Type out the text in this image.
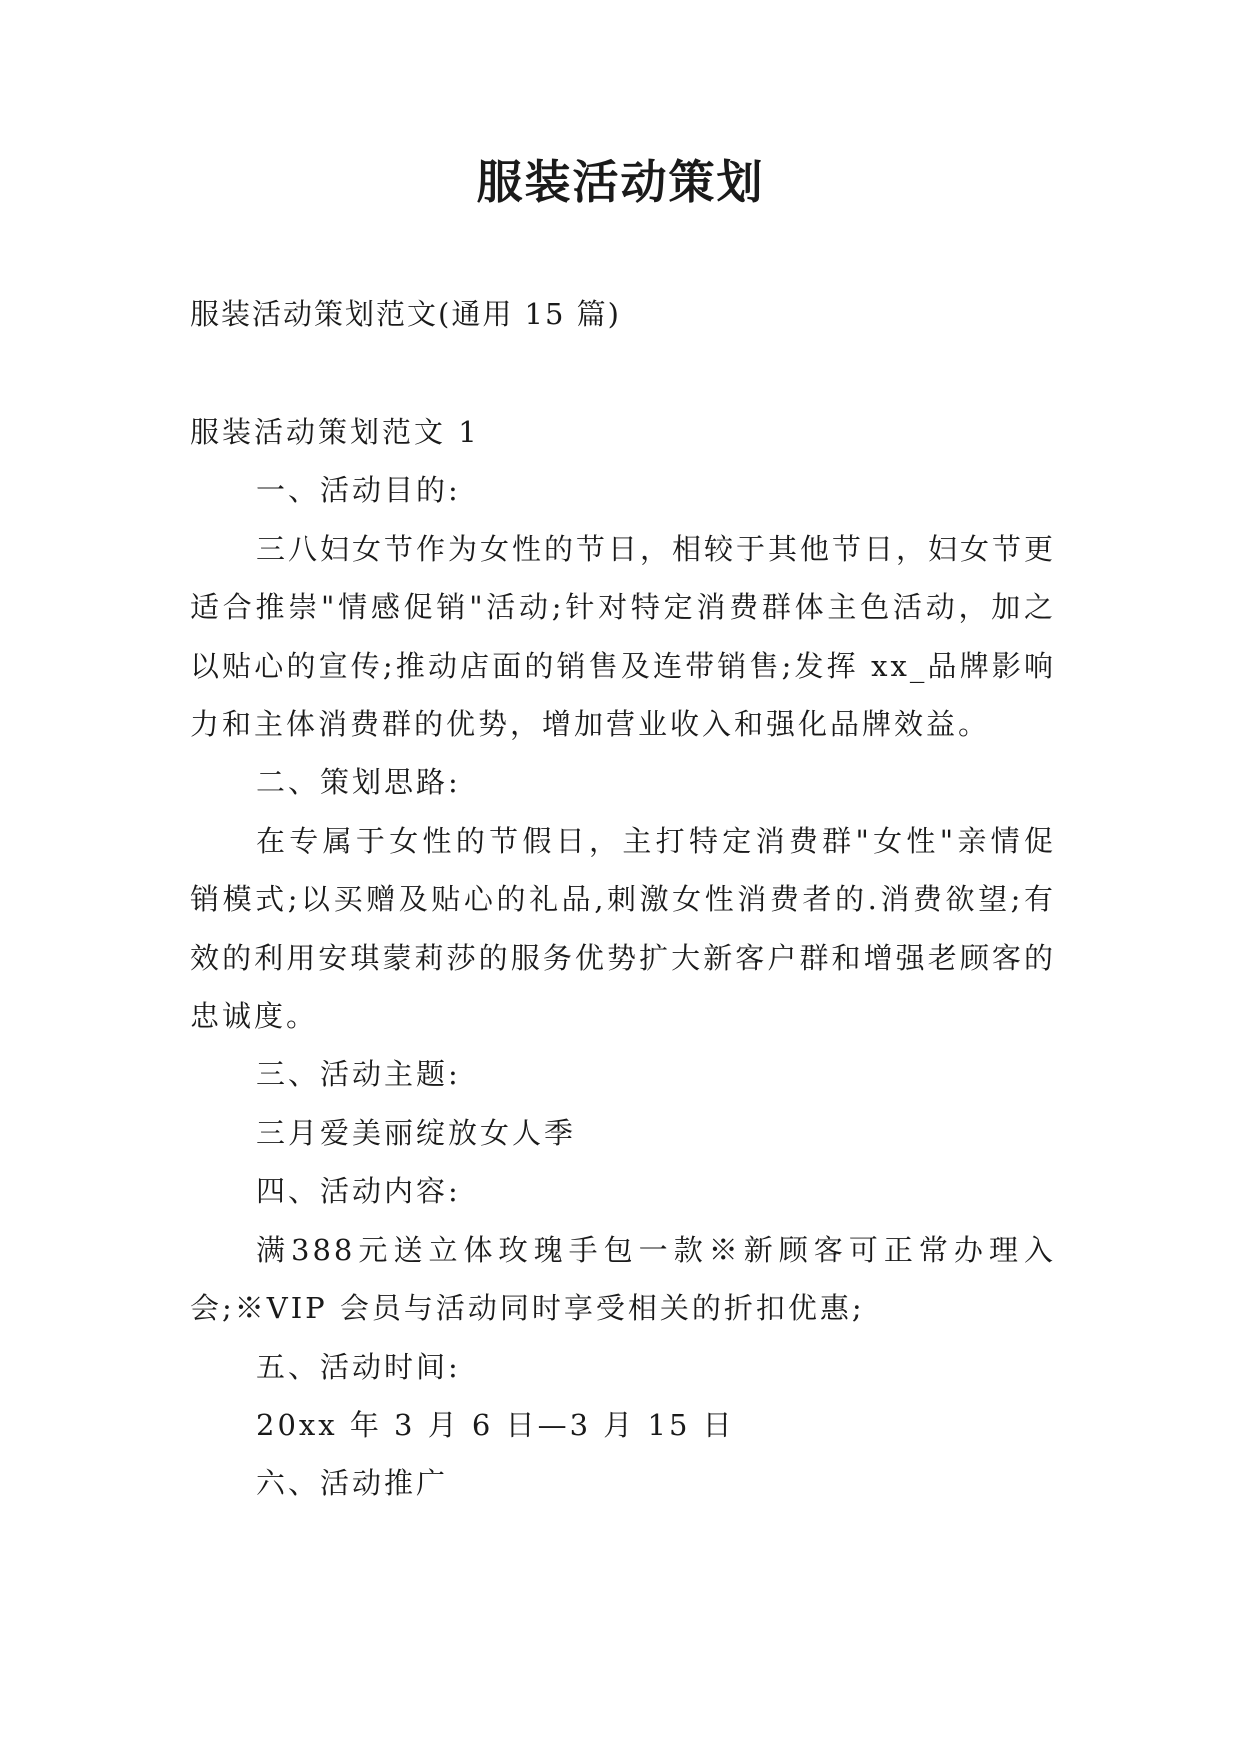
服装活动策划

服装活动策划范文(通用 15 篇)

服装活动策划范文 1

一、活动目的:

三八妇女节作为女性的节日，相较于其他节日，妇女节更适合推崇"情感促销"活动;针对特定消费群体主色活动，加之以贴心的宣传;推动店面的销售及连带销售;发挥 xx_品牌影响力和主体消费群的优势，增加营业收入和强化品牌效益。

二、策划思路:

在专属于女性的节假日，主打特定消费群"女性"亲情促销模式;以买赠及贴心的礼品,刺激女性消费者的.消费欲望;有效的利用安琪蒙莉莎的服务优势扩大新客户群和增强老顾客的忠诚度。

三、活动主题:

三月爱美丽绽放女人季

四、活动内容:

满388元送立体玫瑰手包一款※新顾客可正常办理入会;※VIP 会员与活动同时享受相关的折扣优惠;

五、活动时间:

20xx 年 3 月 6 日—3 月 15 日

六、活动推广
